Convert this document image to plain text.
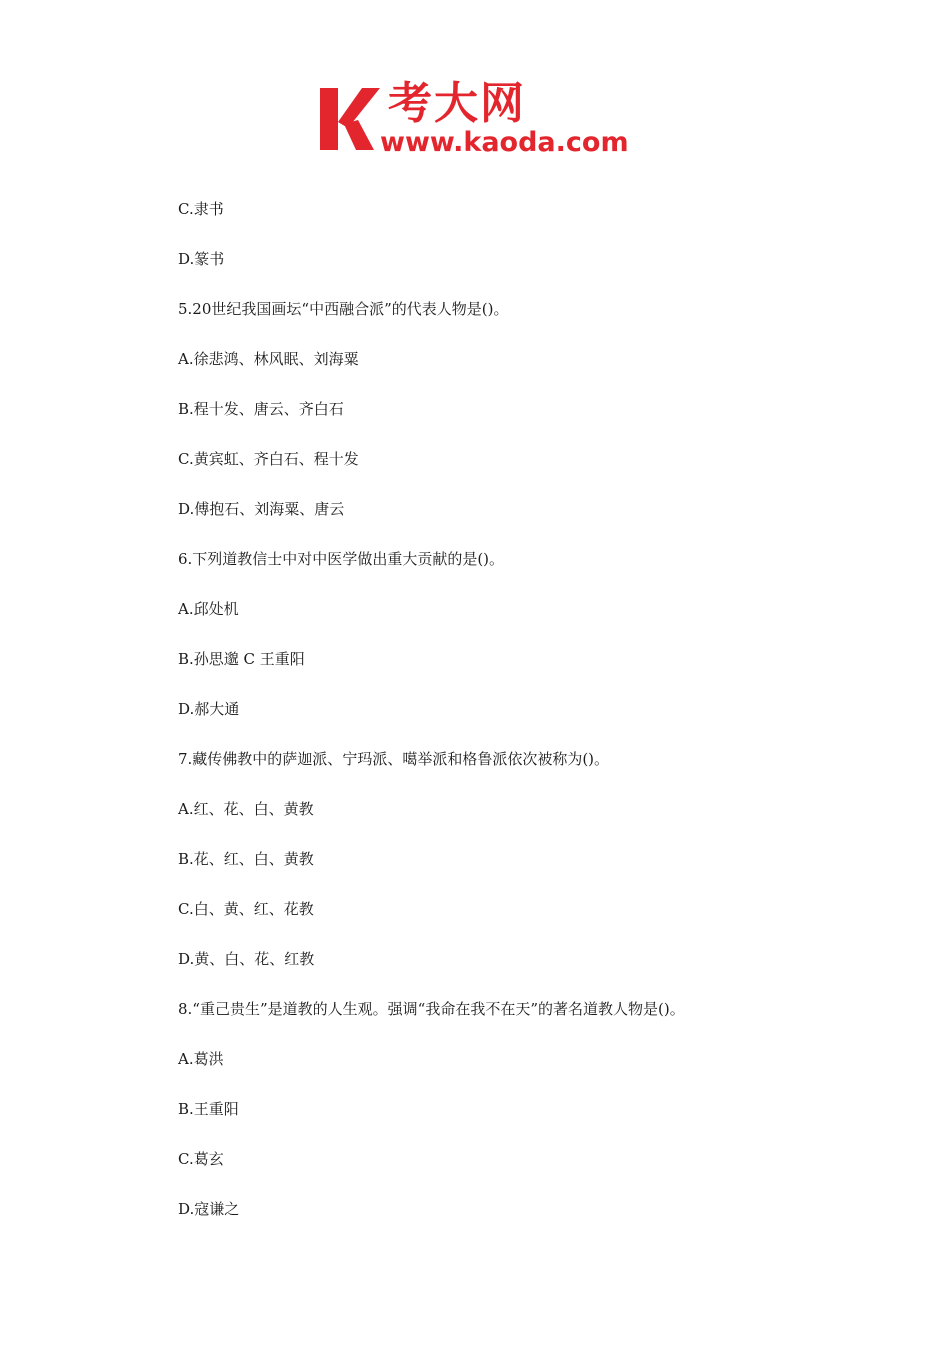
考大网
www.kaoda.com
C.隶书
D.篆书
5.20世纪我国画坛“中西融合派”的代表人物是()。
A.徐悲鸿、林风眠、刘海粟
B.程十发、唐云、齐白石
C.黄宾虹、齐白石、程十发
D.傅抱石、刘海粟、唐云
6.下列道教信士中对中医学做出重大贡献的是()。
A.邱处机
B.孙思邈 C 王重阳
D.郝大通
7.藏传佛教中的萨迦派、宁玛派、噶举派和格鲁派依次被称为()。
A.红、花、白、黄教
B.花、红、白、黄教
C.白、黄、红、花教
D.黄、白、花、红教
8.“重己贵生”是道教的人生观。强调“我命在我不在天”的著名道教人物是()。
A.葛洪
B.王重阳
C.葛玄
D.寇谦之
